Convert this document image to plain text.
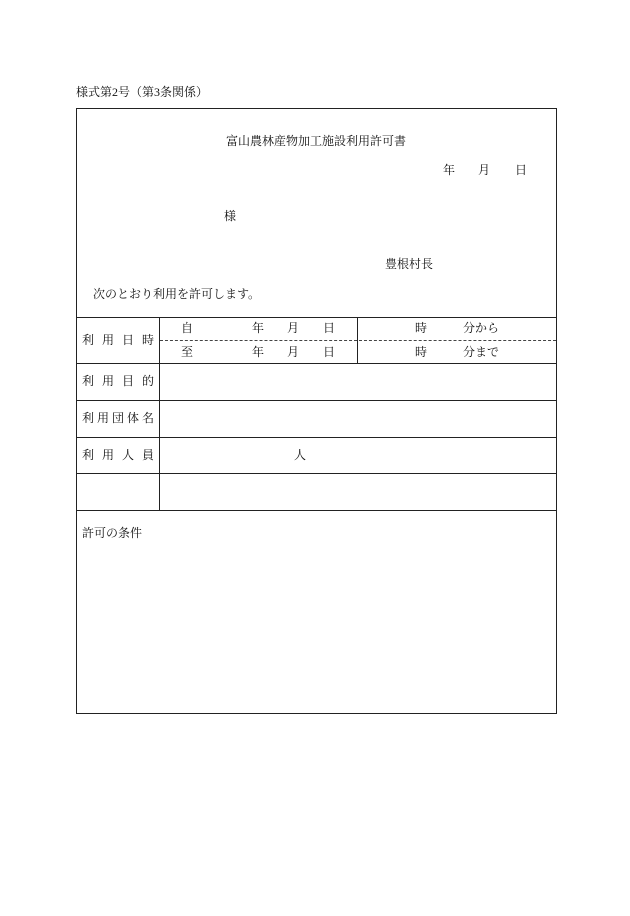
様式第2号（第3条関係）
富山農林産物加工施設利用許可書
年 月 日
様
豊根村長
次のとおり利用を許可します。
利 用 日 時
自	年 月 日	時	分から
至	年 月 日	時	分まで
利 用 目 的
利用団体名
利 用 人 員	人
許可の条件
